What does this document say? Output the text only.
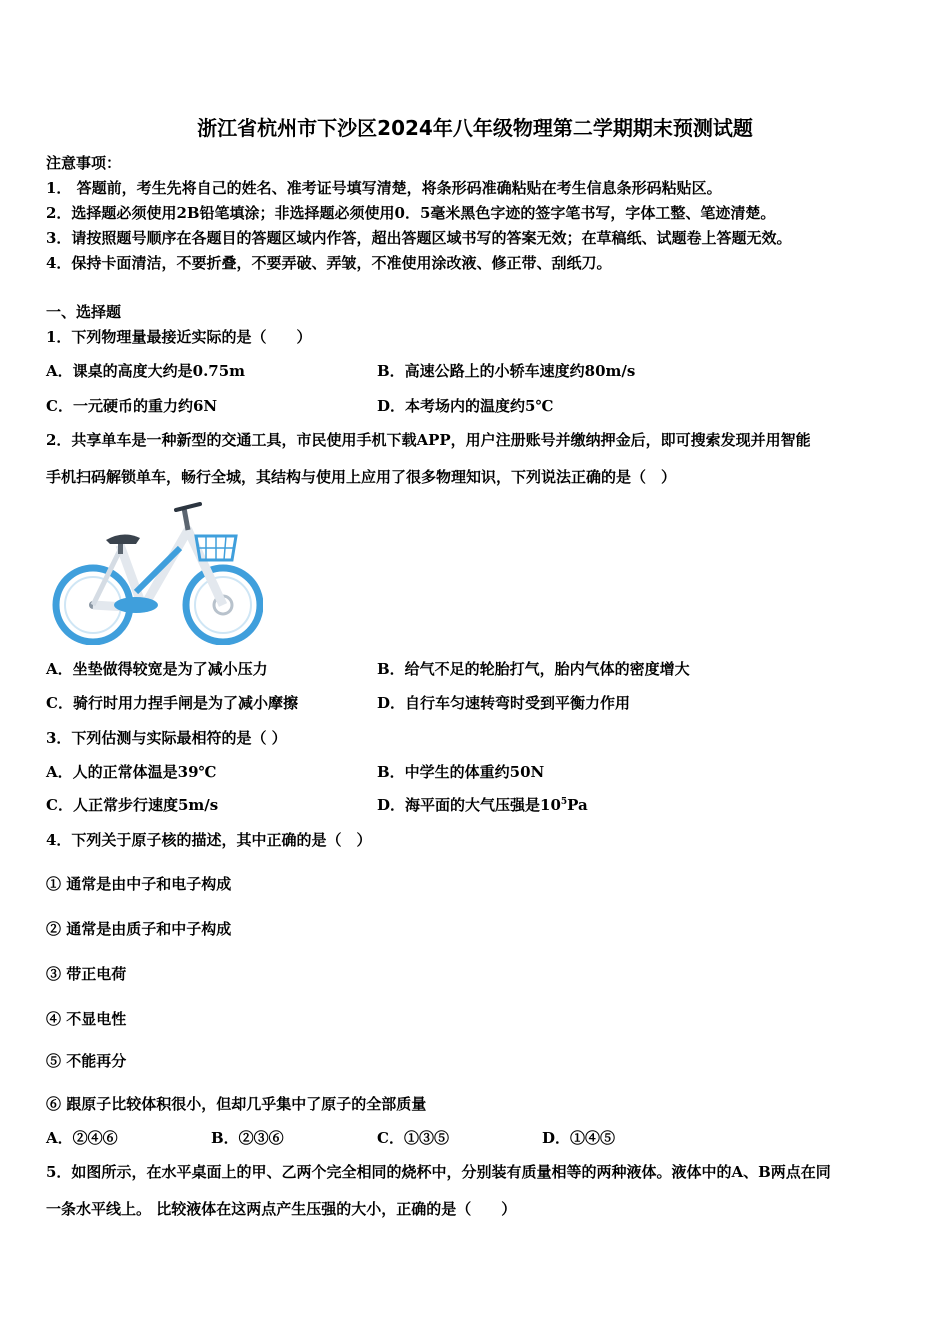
浙江省杭州市下沙区2024年八年级物理第二学期期末预测试题
注意事项：
1． 答题前，考生先将自己的姓名、准考证号填写清楚，将条形码准确粘贴在考生信息条形码粘贴区。
2．选择题必须使用2B铅笔填涂；非选择题必须使用0．5毫米黑色字迹的签字笔书写，字体工整、笔迹清楚。
3．请按照题号顺序在各题目的答题区域内作答，超出答题区域书写的答案无效；在草稿纸、试题卷上答题无效。
4．保持卡面清洁，不要折叠，不要弄破、弄皱，不准使用涂改液、修正带、刮纸刀。
一、选择题
1．下列物理量最接近实际的是（　　）
A．课桌的高度大约是0.75m	B．高速公路上的小轿车速度约80m/s
C．一元硬币的重力约6N	D．本考场内的温度约5℃
2．共享单车是一种新型的交通工具，市民使用手机下载APP，用户注册账号并缴纳押金后，即可搜索发现并用智能
手机扫码解锁单车，畅行全城，其结构与使用上应用了很多物理知识，下列说法正确的是（　）
A．坐垫做得较宽是为了减小压力	B．给气不足的轮胎打气，胎内气体的密度增大
C．骑行时用力捏手闸是为了减小摩擦	D．自行车匀速转弯时受到平衡力作用
3．下列估测与实际最相符的是（ ）
A．人的正常体温是39℃	B．中学生的体重约50N
C．人正常步行速度5m/s	D．海平面的大气压强是$10^5Pa$
4．下列关于原子核的描述，其中正确的是（　）
① 通常是由中子和电子构成
② 通常是由质子和中子构成
③ 带正电荷
④ 不显电性
⑤ 不能再分
⑥ 跟原子比较体积很小，但却几乎集中了原子的全部质量
A．②④⑥	B．②③⑥	C．①③⑤	D．①④⑤
5．如图所示，在水平桌面上的甲、乙两个完全相同的烧杯中，分别装有质量相等的两种液体。液体中的A、B两点在同
一条水平线上。 比较液体在这两点产生压强的大小，正确的是（　　）
